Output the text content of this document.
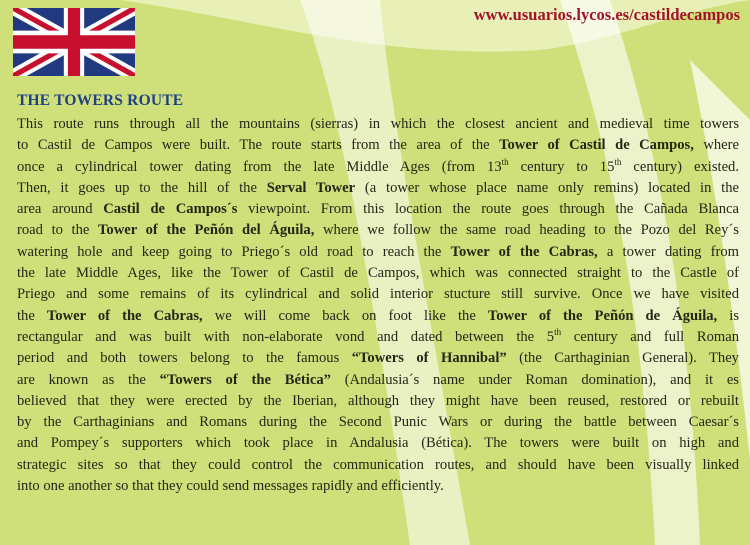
www.usuarios.lycos.es/castildecampos
THE TOWERS ROUTE
This route runs through all the mountains (sierras) in which the closest ancient and medieval time towers
to Castil de Campos were built. The route starts from the area of the Tower of Castil de Campos, where
once a cylindrical tower dating from the late Middle Ages (from 13th century to 15th century) existed.
Then, it goes up to the hill of the Serval Tower (a tower whose place name only remins) located in the
area around Castil de Campos´s viewpoint. From this location the route goes through the Cañada Blanca
road to the Tower of the Peñón del Águila, where we follow the same road heading to the Pozo del Rey´s
watering hole and keep going to Priego´s old road to reach the Tower of the Cabras, a tower dating from
the late Middle Ages, like the Tower of Castil de Campos, which was connected straight to the Castle of
Priego and some remains of its cylindrical and solid interior stucture still survive. Once we have visited
the Tower of the Cabras, we will come back on foot like the Tower of the Peñón de Águila, is
rectangular and was built with non-elaborate vond and dated between the 5th century and full Roman
period and both towers belong to the famous “Towers of Hannibal” (the Carthaginian General). They
are known as the “Towers of the Bética” (Andalusia´s name under Roman domination), and it es
believed that they were erected by the Iberian, although they might have been reused, restored or rebuilt
by the Carthaginians and Romans during the Second Punic Wars or during the battle between Caesar´s
and Pompey´s supporters which took place in Andalusia (Bética). The towers were built on high and
strategic sites so that they could control the communication routes, and should have been visually linked
into one another so that they could send messages rapidly and efficiently.
